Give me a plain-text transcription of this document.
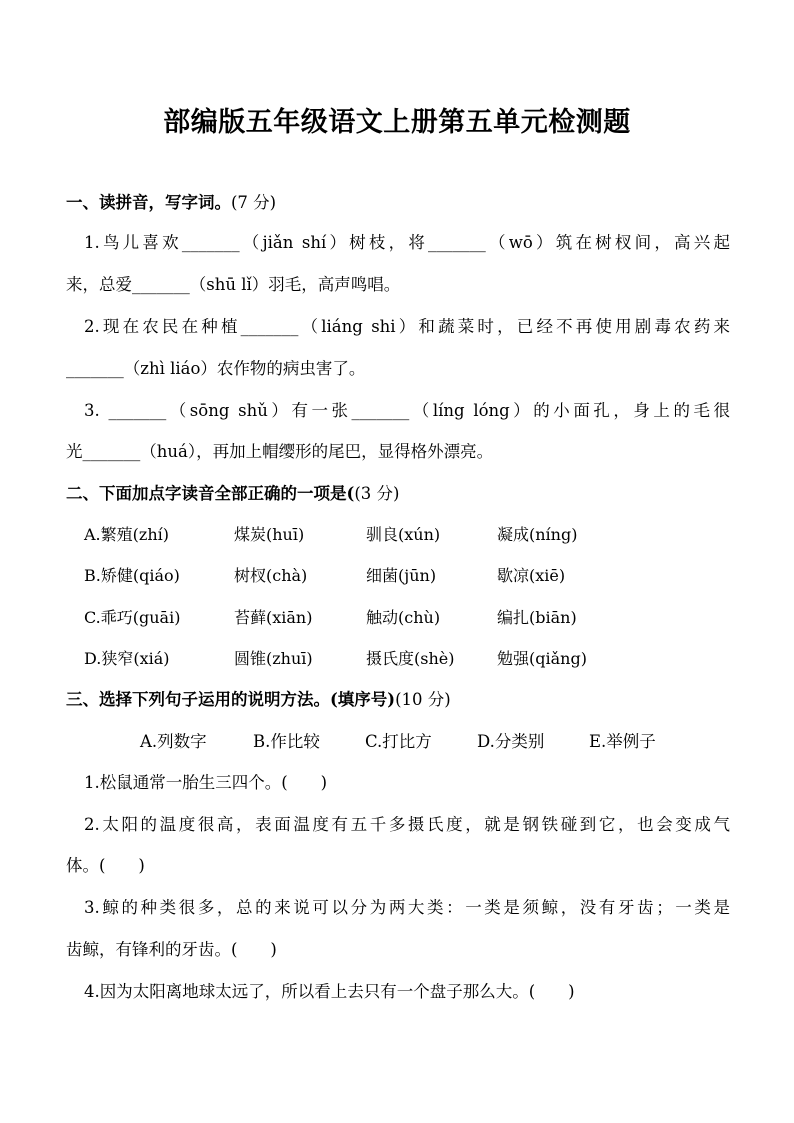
部编版五年级语文上册第五单元检测题
一、读拼音，写字词。(7 分)
1.鸟儿喜欢_______（jiǎn shí）树枝，将_______（wō）筑在树杈间，高兴起
来，总爱_______（shū lǐ）羽毛，高声鸣唱。
2.现在农民在种植_______（liáng shi）和蔬菜时，已经不再使用剧毒农药来
_______（zhì liáo）农作物的病虫害了。
3. _______（sōng shǔ）有一张_______（líng lóng）的小面孔，身上的毛很
光_______（huá），再加上帽缨形的尾巴，显得格外漂亮。
二、下面加点字读音全部正确的一项是((3 分)
A.繁殖(zhí)	煤炭(huī)	驯良(xún)	凝成(níng)
B.矫健(qiáo)	树杈(chà)	细菌(jūn)	歇凉(xiē)
C.乖巧(guāi)	苔藓(xiān)	触动(chù)	编扎(biān)
D.狭窄(xiá)	圆锥(zhuī)	摄氏度(shè)	勉强(qiǎng)
三、选择下列句子运用的说明方法。(填序号)(10 分)
A.列数字	B.作比较	C.打比方	D.分类别	E.举例子
1.松鼠通常一胎生三四个。(　　)
2.太阳的温度很高，表面温度有五千多摄氏度，就是钢铁碰到它，也会变成气
体。(　　)
3.鲸的种类很多，总的来说可以分为两大类：一类是须鲸，没有牙齿；一类是
齿鲸，有锋利的牙齿。(　　)
4.因为太阳离地球太远了，所以看上去只有一个盘子那么大。(　　)
